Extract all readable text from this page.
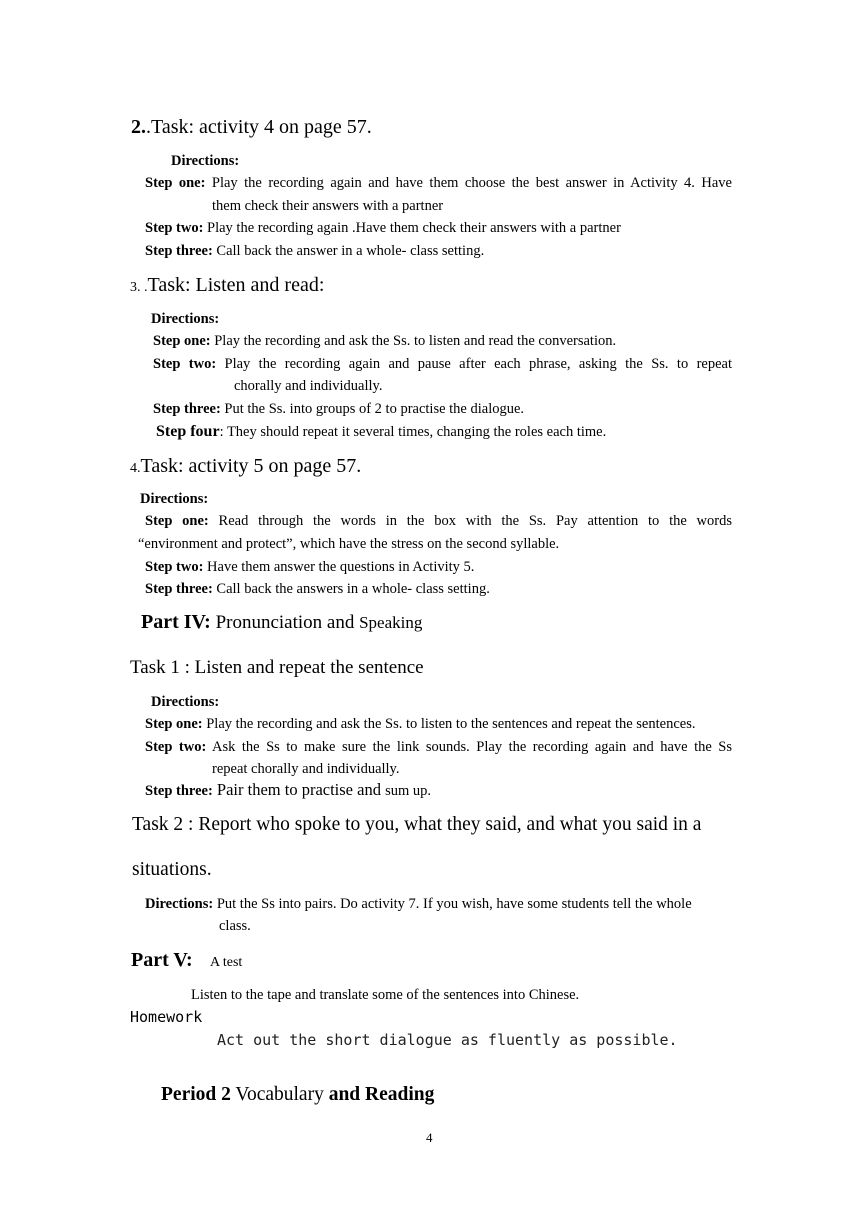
2..Task: activity 4 on page 57.
Directions:
Step one: Play the recording again and have them choose the best answer in Activity 4. Have
them check their answers with a partner
Step two: Play the recording again .Have them check their answers with a partner
Step three: Call back the answer in a whole- class setting.
3. .Task: Listen and read:
Directions:
Step one: Play the recording and ask the Ss. to listen and read the conversation.
Step two: Play the recording again and pause after each phrase, asking the Ss. to repeat
chorally and individually.
Step three: Put the Ss. into groups of 2 to practise the dialogue.
Step four: They should repeat it several times, changing the roles each time.
4.Task: activity 5 on page 57.
Directions:
Step one: Read through the words in the box with the Ss. Pay attention to the words
“environment and protect”, which have the stress on the second syllable.
Step two: Have them answer the questions in Activity 5.
Step three: Call back the answers in a whole- class setting.
Part IV: Pronunciation and Speaking
Task 1 : Listen and repeat the sentence
Directions:
Step one: Play the recording and ask the Ss. to listen to the sentences and repeat the sentences.
Step two: Ask the Ss to make sure the link sounds. Play the recording again and have the Ss
repeat chorally and individually.
Step three: Pair them to practise and sum up.
Task 2 : Report who spoke to you, what they said, and what you said in a
situations.
Directions: Put the Ss into pairs. Do activity 7. If you wish, have some students tell the whole
class.
Part V: A test
Listen to the tape and translate some of the sentences into Chinese.
Homework
Act out the short dialogue as fluently as possible.
Period 2 Vocabulary and Reading
4
